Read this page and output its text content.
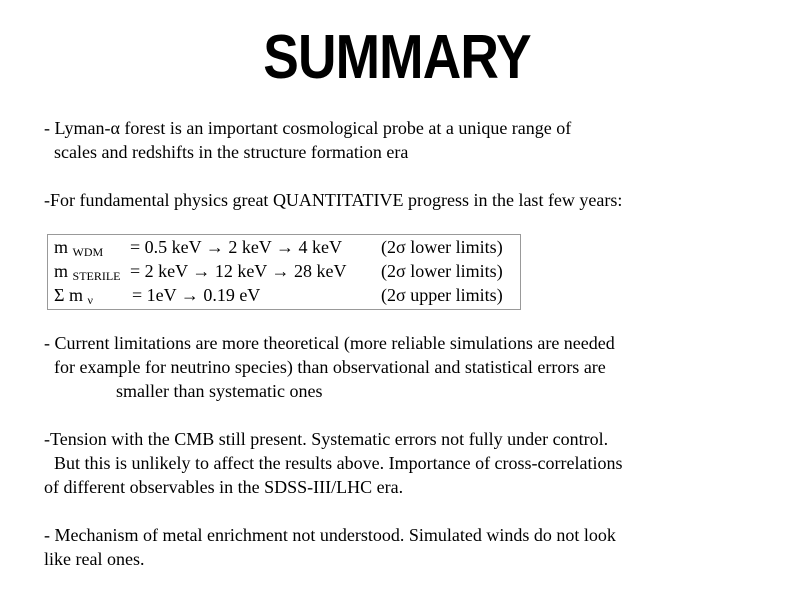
SUMMARY
- Lyman-α forest is an important cosmological probe at a unique range of
scales and redshifts in the structure formation era
-For fundamental physics great QUANTITATIVE progress in the last few years:
m $_{WDM}$ = 0.5 keV → 2 keV → 4 keV (2σ lower limits)
m $_{STERILE}$ = 2 keV → 12 keV → 28 keV (2σ lower limits)
Σ m $_\nu$ = 1eV → 0.19 eV	(2σ upper limits)
- Current limitations are more theoretical (more reliable simulations are needed
for example for neutrino species) than observational and statistical errors are
smaller than systematic ones
-Tension with the CMB still present. Systematic errors not fully under control.
But this is unlikely to affect the results above. Importance of cross-correlations
of different observables in the SDSS-III/LHC era.
- Mechanism of metal enrichment not understood. Simulated winds do not look
like real ones.
